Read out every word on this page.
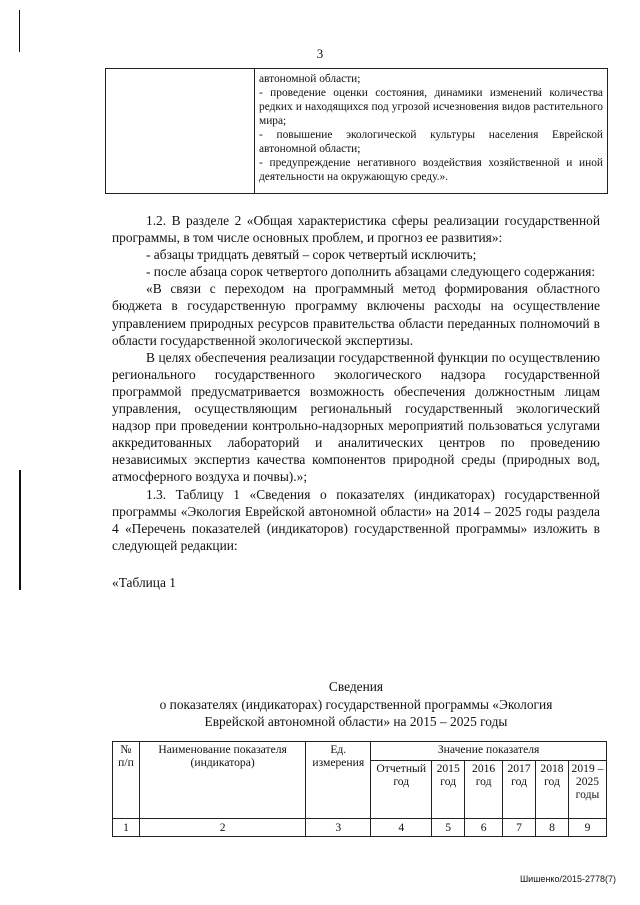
3

автономной области;

- проведение оценки состояния, динамики изменений количества редких и находящихся под угрозой исчезновения видов растительного мира;

- повышение экологической культуры населения Еврейской автономной области;

- предупреждение негативного воздействия хозяйственной и иной деятельности на окружающую среду.».

1.2. В разделе 2 «Общая характеристика сферы реализации государственной программы, в том числе основных проблем, и прогноз ее развития»:

- абзацы тридцать девятый – сорок четвертый исключить;

- после абзаца сорок четвертого дополнить абзацами следующего содержания:

«В связи с переходом на программный метод формирования областного бюджета в государственную программу включены расходы на осуществление управлением природных ресурсов правительства области переданных полномочий в области государственной экологической экспертизы.

В целях обеспечения реализации государственной функции по осуществлению регионального государственного экологического надзора государственной программой предусматривается возможность обеспечения должностным лицам управления, осуществляющим региональный государственный экологический надзор при проведении контрольно-надзорных мероприятий пользоваться услугами аккредитованных лабораторий и аналитических центров по проведению независимых экспертиз качества компонентов природной среды (природных вод, атмосферного воздуха и почвы).»;

1.3. Таблицу 1 «Сведения о показателях (индикаторах) государственной программы «Экология Еврейской автономной области» на 2014 – 2025 годы раздела 4 «Перечень показателей (индикаторов) государственной программы» изложить в следующей редакции:

«Таблица 1

Сведения

о показателях (индикаторах) государственной программы «Экология

Еврейской автономной области» на 2015 – 2025 годы

№ п/п	Наименование показателя (индикатора)	Ед. измерения	Значение показателя					
			Отчетный год	2015 год	2016 год	2017 год	2018 год	2019 – 2025 годы
1	2	3	4	5	6	7	8	9
Шишенко/2015-2778(7)
